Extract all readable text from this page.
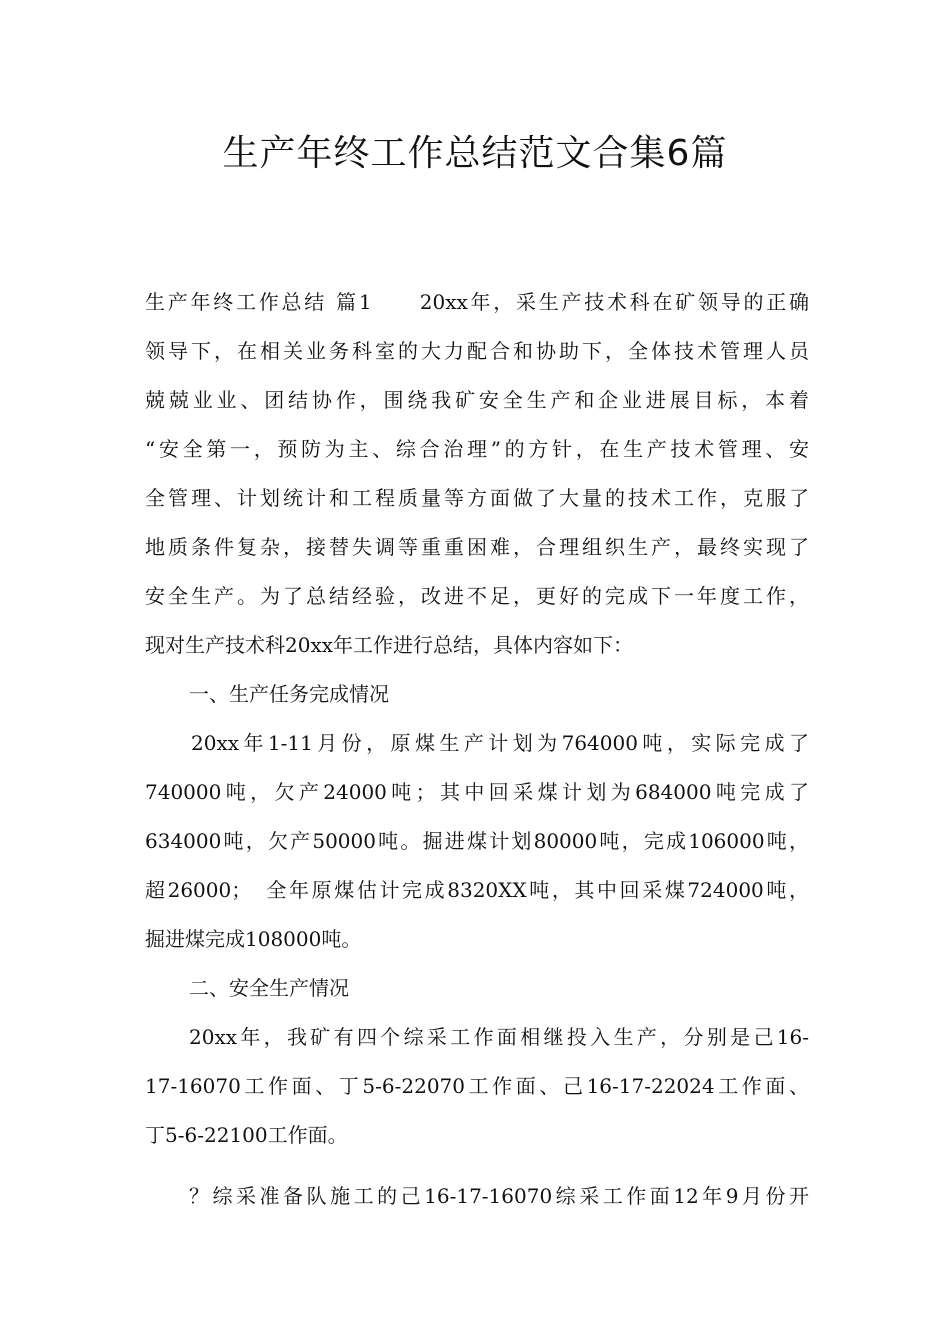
生产年终工作总结范文合集6篇
生产年终工作总结 篇1　　20xx年，采生产技术科在矿领导的正确
领导下，在相关业务科室的大力配合和协助下，全体技术管理人员
兢兢业业、团结协作，围绕我矿安全生产和企业进展目标，本着
“安全第一，预防为主、综合治理”的方针，在生产技术管理、安
全管理、计划统计和工程质量等方面做了大量的技术工作，克服了
地质条件复杂，接替失调等重重困难，合理组织生产，最终实现了
安全生产。为了总结经验，改进不足，更好的完成下一年度工作，
现对生产技术科20xx年工作进行总结，具体内容如下：
一、生产任务完成情况
20xx年1-11月份，原煤生产计划为764000吨，实际完成了
740000吨，欠产24000吨；其中回采煤计划为684000吨完成了
634000吨，欠产50000吨。掘进煤计划80000吨，完成106000吨，
超26000；　全年原煤估计完成8320XX吨，其中回采煤724000吨，
掘进煤完成108000吨。
二、安全生产情况
20xx年，我矿有四个综采工作面相继投入生产，分别是己16-
17-16070工作面、丁5-6-22070工作面、己16-17-22024工作面、
丁5-6-22100工作面。
？综采准备队施工的己16-17-16070综采工作面12年9月份开
